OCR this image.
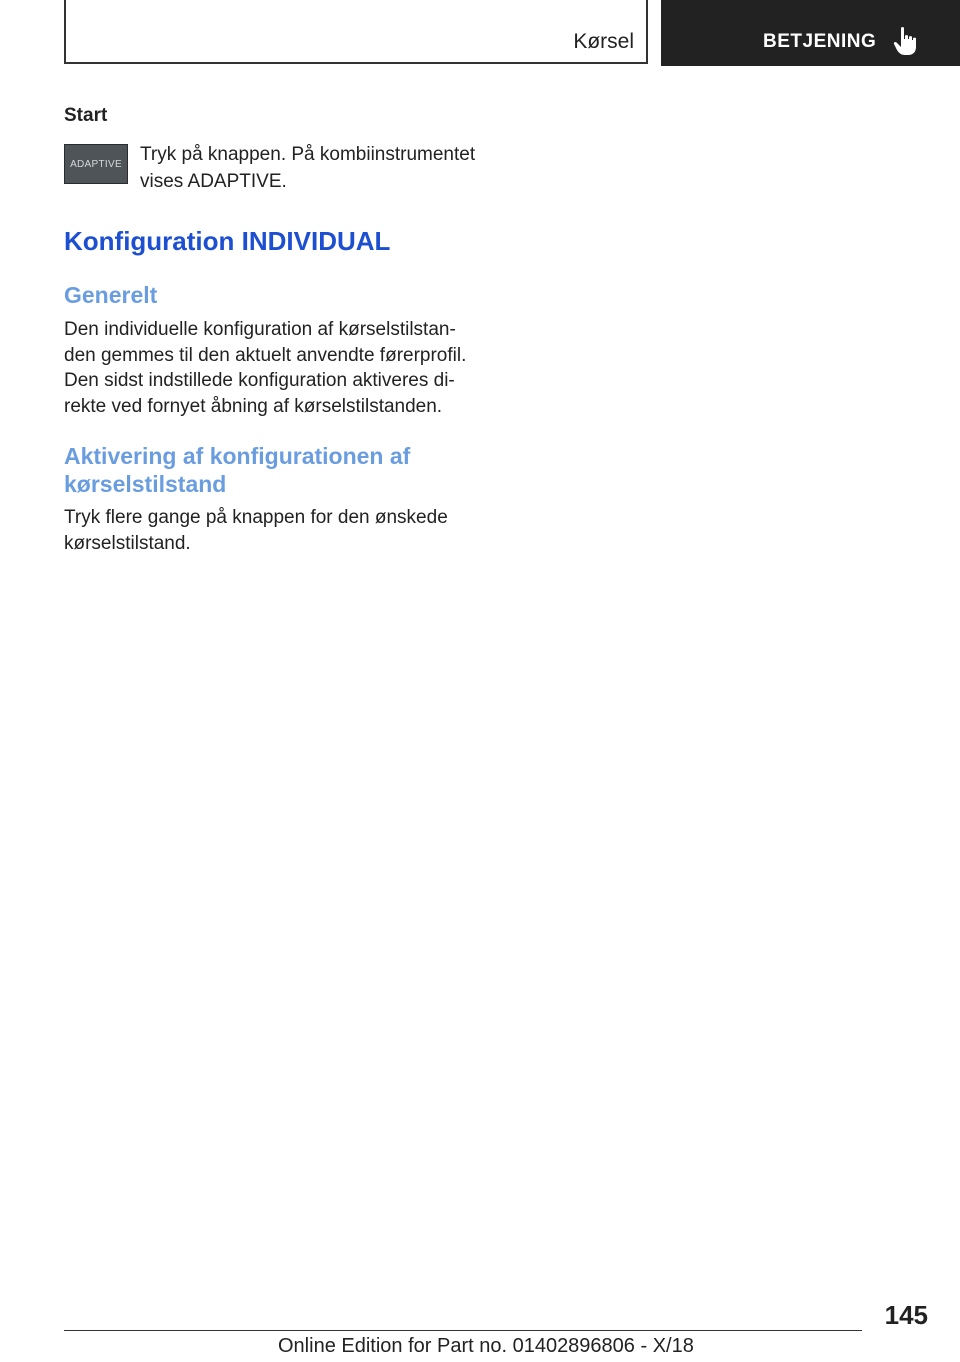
Kørsel	BETJENING
Start
ADAPTIVE Tryk på knappen. På kombiinstrumentet
vises ADAPTIVE.
Konfiguration INDIVIDUAL
Generelt
Den individuelle konfiguration af kørselstilstan-
den gemmes til den aktuelt anvendte førerprofil.
Den sidst indstillede konfiguration aktiveres di-
rekte ved fornyet åbning af kørselstilstanden.
Aktivering af konfigurationen af
kørselstilstand
Tryk flere gange på knappen for den ønskede
kørselstilstand.
145
Online Edition for Part no. 01402896806 - X/18
